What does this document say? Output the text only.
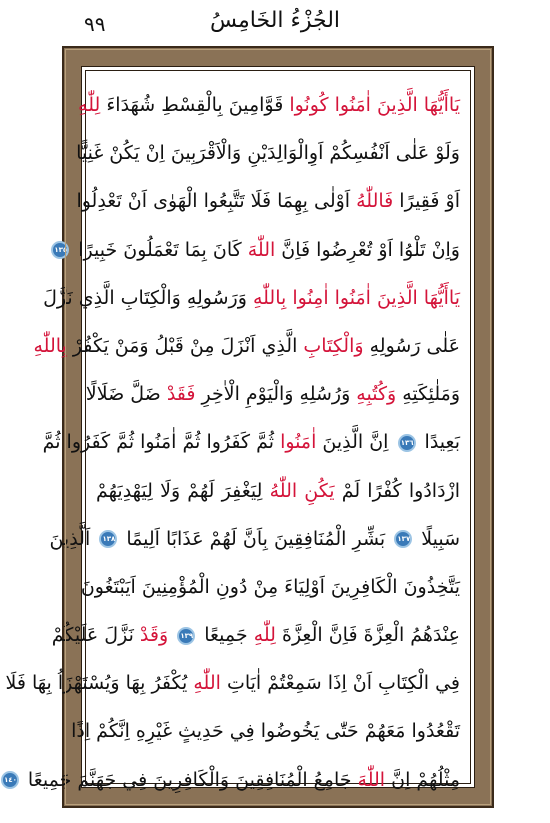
الجُزْءُ الخَامِسُ
٩٩
يَاأَيُّهَا الَّذِينَ اٰمَنُوا كُونُوا قَوَّامِينَ بِالْقِسْطِ شُهَدَاءَ لِلّٰهِ
وَلَوْ عَلٰى اَنْفُسِكُمْ اَوِالْوَالِدَيْنِ وَالْاَقْرَبِينَ اِنْ يَكُنْ غَنِيًّا
اَوْ فَقِيرًا فَاللّٰهُ اَوْلٰى بِهِمَا فَلَا تَتَّبِعُوا الْهَوٰى اَنْ تَعْدِلُوا
وَاِنْ تَلْوُا اَوْ تُعْرِضُوا فَاِنَّ اللّٰهَ كَانَ بِمَا تَعْمَلُونَ خَبِيرًا ١٣٥
يَاأَيُّهَا الَّذِينَ اٰمَنُوا اٰمِنُوا بِاللّٰهِ وَرَسُولِهِ وَالْكِتَابِ الَّذِي نَزَّلَ
عَلٰى رَسُولِهِ وَالْكِتَابِ الَّذِي اَنْزَلَ مِنْ قَبْلُ وَمَنْ يَكْفُرْ بِاللّٰهِ
وَمَلٰئِكَتِهِ وَكُتُبِهِ وَرُسُلِهِ وَالْيَوْمِ الْاٰخِرِ فَقَدْ ضَلَّ ضَلَالًا
بَعِيدًا ١٣٦ اِنَّ الَّذِينَ اٰمَنُوا ثُمَّ كَفَرُوا ثُمَّ اٰمَنُوا ثُمَّ كَفَرُوا ثُمَّ
ازْدَادُوا كُفْرًا لَمْ يَكُنِ اللّٰهُ لِيَغْفِرَ لَهُمْ وَلَا لِيَهْدِيَهُمْ
سَبِيلًا ١٣٧ بَشِّرِ الْمُنَافِقِينَ بِاَنَّ لَهُمْ عَذَابًا اَلِيمًا ١٣٨ اَلَّذِينَ
يَتَّخِذُونَ الْكَافِرِينَ اَوْلِيَاءَ مِنْ دُونِ الْمُؤْمِنِينَ اَيَبْتَغُونَ
عِنْدَهُمُ الْعِزَّةَ فَاِنَّ الْعِزَّةَ لِلّٰهِ جَمِيعًا ١٣٩ وَقَدْ نَزَّلَ عَلَيْكُمْ
فِي الْكِتَابِ اَنْ اِذَا سَمِعْتُمْ اٰيَاتِ اللّٰهِ يُكْفَرُ بِهَا وَيُسْتَهْزَاُ بِهَا فَلَا
تَقْعُدُوا مَعَهُمْ حَتّٰى يَخُوضُوا فِي حَدِيثٍ غَيْرِهِ اِنَّكُمْ اِذًا
مِثْلُهُمْ اِنَّ اللّٰهَ جَامِعُ الْمُنَافِقِينَ وَالْكَافِرِينَ فِي جَهَنَّمَ جَمِيعًا ١٤٠
